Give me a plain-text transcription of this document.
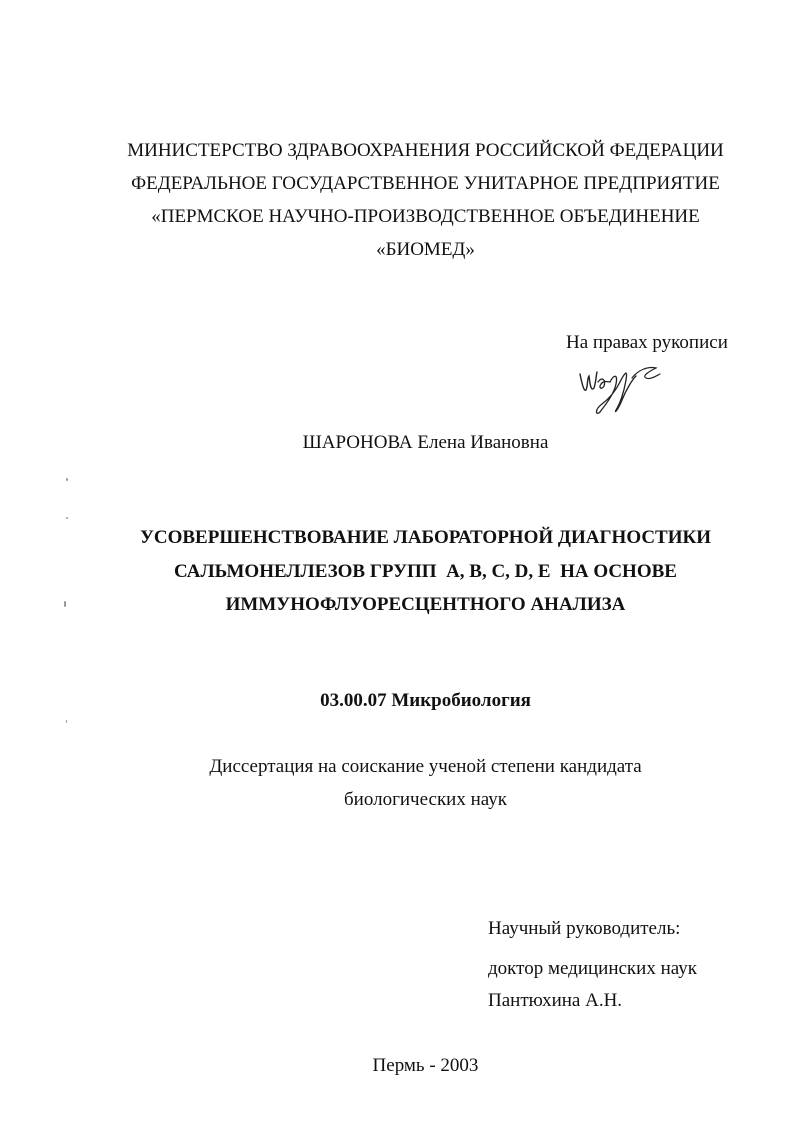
МИНИСТЕРСТВО ЗДРАВООХРАНЕНИЯ РОССИЙСКОЙ ФЕДЕРАЦИИ
ФЕДЕРАЛЬНОЕ ГОСУДАРСТВЕННОЕ УНИТАРНОЕ ПРЕДПРИЯТИЕ
«ПЕРМСКОЕ НАУЧНО-ПРОИЗВОДСТВЕННОЕ ОБЪЕДИНЕНИЕ
«БИОМЕД»
На правах рукописи
ШАРОНОВА Елена Ивановна
УСОВЕРШЕНСТВОВАНИЕ ЛАБОРАТОРНОЙ ДИАГНОСТИКИ
САЛЬМОНЕЛЛЕЗОВ ГРУПП  А, В, С, D, Е  НА ОСНОВЕ
ИММУНОФЛУОРЕСЦЕНТНОГО АНАЛИЗА
03.00.07 Микробиология
Диссертация на соискание ученой степени кандидата
биологических наук
Научный руководитель:
доктор медицинских наук
Пантюхина А.Н.
Пермь - 2003
